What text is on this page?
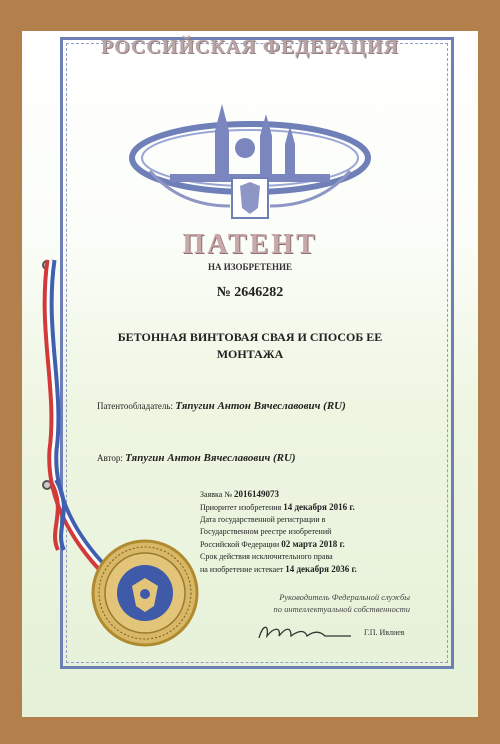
РОССИЙСКАЯ ФЕДЕРАЦИЯ
ПАТЕНТ
НА ИЗОБРЕТЕНИЕ
№ 2646282
БЕТОННАЯ ВИНТОВАЯ СВАЯ И СПОСОБ ЕЕ МОНТАЖА
Патентообладатель: Тяпугин Антон Вячеславович (RU)
Автор: Тяпугин Антон Вячеславович (RU)
Заявка № 2016149073
Приоритет изобретения 14 декабря 2016 г.
Дата государственной регистрации в
Государственном реестре изобретений
Российской Федерации 02 марта 2018 г.
Срок действия исключительного права
на изобретение истекает 14 декабря 2036 г.
Руководитель Федеральной службы
по интеллектуальной собственности
Г.П. Ивлиев
